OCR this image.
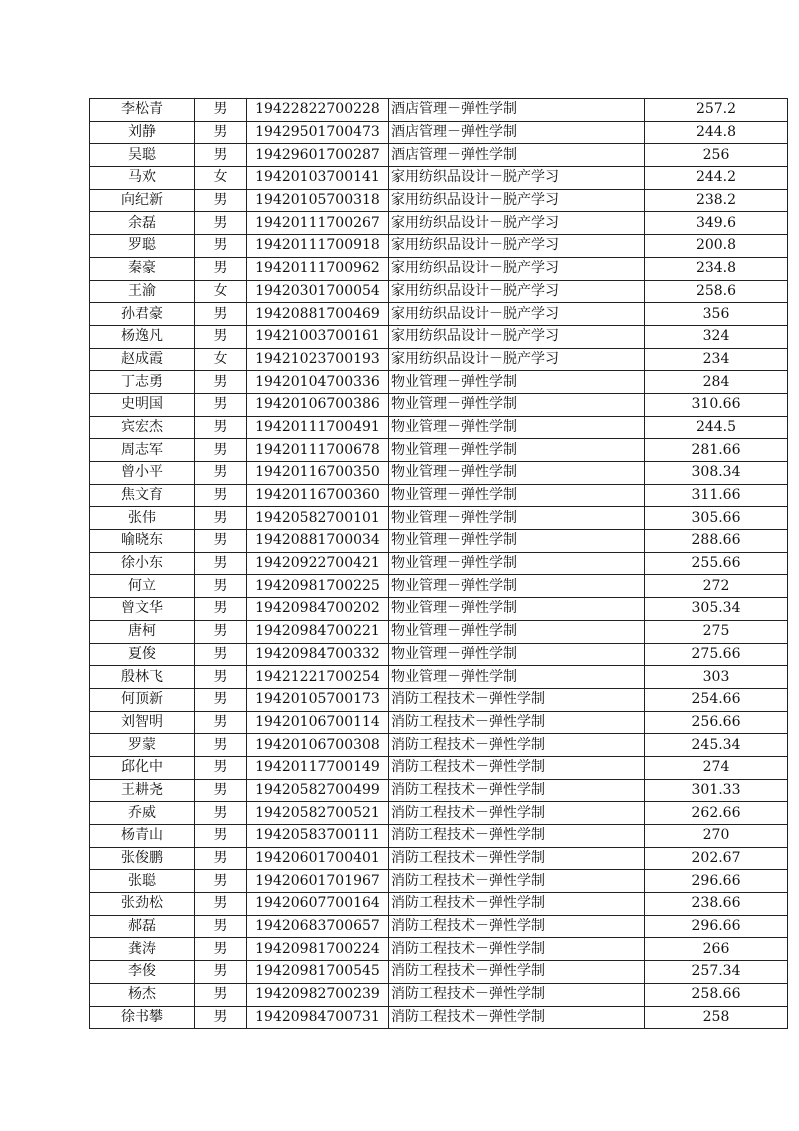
李松青	男	19422822700228	酒店管理－弹性学制	257.2
刘静	男	19429501700473	酒店管理－弹性学制	244.8
吴聪	男	19429601700287	酒店管理－弹性学制	256
马欢	女	19420103700141	家用纺织品设计－脱产学习	244.2
向纪新	男	19420105700318	家用纺织品设计－脱产学习	238.2
余磊	男	19420111700267	家用纺织品设计－脱产学习	349.6
罗聪	男	19420111700918	家用纺织品设计－脱产学习	200.8
秦豪	男	19420111700962	家用纺织品设计－脱产学习	234.8
王渝	女	19420301700054	家用纺织品设计－脱产学习	258.6
孙君豪	男	19420881700469	家用纺织品设计－脱产学习	356
杨逸凡	男	19421003700161	家用纺织品设计－脱产学习	324
赵成霞	女	19421023700193	家用纺织品设计－脱产学习	234
丁志勇	男	19420104700336	物业管理－弹性学制	284
史明国	男	19420106700386	物业管理－弹性学制	310.66
宾宏杰	男	19420111700491	物业管理－弹性学制	244.5
周志军	男	19420111700678	物业管理－弹性学制	281.66
曾小平	男	19420116700350	物业管理－弹性学制	308.34
焦文育	男	19420116700360	物业管理－弹性学制	311.66
张伟	男	19420582700101	物业管理－弹性学制	305.66
喻晓东	男	19420881700034	物业管理－弹性学制	288.66
徐小东	男	19420922700421	物业管理－弹性学制	255.66
何立	男	19420981700225	物业管理－弹性学制	272
曾文华	男	19420984700202	物业管理－弹性学制	305.34
唐柯	男	19420984700221	物业管理－弹性学制	275
夏俊	男	19420984700332	物业管理－弹性学制	275.66
殷林飞	男	19421221700254	物业管理－弹性学制	303
何顶新	男	19420105700173	消防工程技术－弹性学制	254.66
刘智明	男	19420106700114	消防工程技术－弹性学制	256.66
罗蒙	男	19420106700308	消防工程技术－弹性学制	245.34
邱化中	男	19420117700149	消防工程技术－弹性学制	274
王耕尧	男	19420582700499	消防工程技术－弹性学制	301.33
乔威	男	19420582700521	消防工程技术－弹性学制	262.66
杨青山	男	19420583700111	消防工程技术－弹性学制	270
张俊鹏	男	19420601700401	消防工程技术－弹性学制	202.67
张聪	男	19420601701967	消防工程技术－弹性学制	296.66
张劲松	男	19420607700164	消防工程技术－弹性学制	238.66
郝磊	男	19420683700657	消防工程技术－弹性学制	296.66
龚涛	男	19420981700224	消防工程技术－弹性学制	266
李俊	男	19420981700545	消防工程技术－弹性学制	257.34
杨杰	男	19420982700239	消防工程技术－弹性学制	258.66
徐书攀	男	19420984700731	消防工程技术－弹性学制	258
